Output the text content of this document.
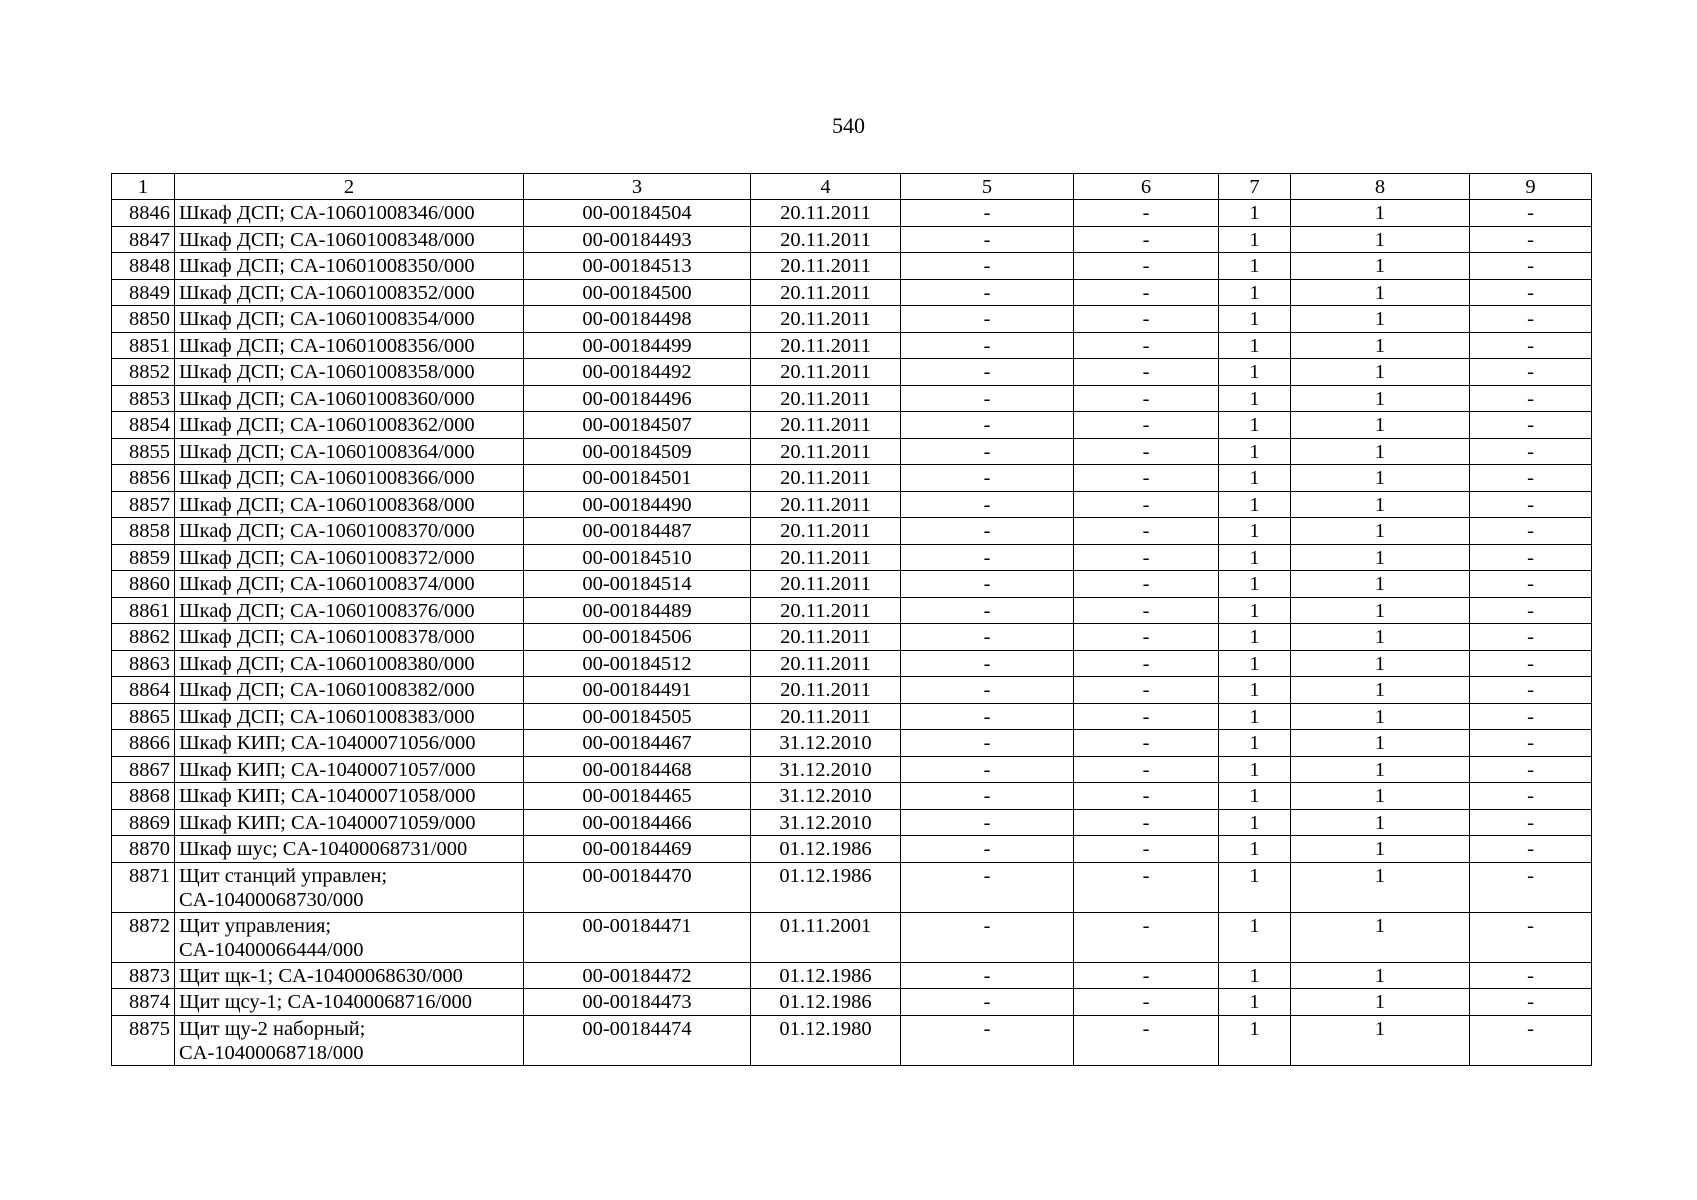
540
1	2	3	4	5	6	7	8	9
8846	Шкаф ДСП; CA-10601008346/000	00-00184504	20.11.2011	-	-	1	1	-
8847	Шкаф ДСП; CA-10601008348/000	00-00184493	20.11.2011	-	-	1	1	-
8848	Шкаф ДСП; CA-10601008350/000	00-00184513	20.11.2011	-	-	1	1	-
8849	Шкаф ДСП; CA-10601008352/000	00-00184500	20.11.2011	-	-	1	1	-
8850	Шкаф ДСП; CA-10601008354/000	00-00184498	20.11.2011	-	-	1	1	-
8851	Шкаф ДСП; CA-10601008356/000	00-00184499	20.11.2011	-	-	1	1	-
8852	Шкаф ДСП; CA-10601008358/000	00-00184492	20.11.2011	-	-	1	1	-
8853	Шкаф ДСП; CA-10601008360/000	00-00184496	20.11.2011	-	-	1	1	-
8854	Шкаф ДСП; CA-10601008362/000	00-00184507	20.11.2011	-	-	1	1	-
8855	Шкаф ДСП; CA-10601008364/000	00-00184509	20.11.2011	-	-	1	1	-
8856	Шкаф ДСП; CA-10601008366/000	00-00184501	20.11.2011	-	-	1	1	-
8857	Шкаф ДСП; CA-10601008368/000	00-00184490	20.11.2011	-	-	1	1	-
8858	Шкаф ДСП; CA-10601008370/000	00-00184487	20.11.2011	-	-	1	1	-
8859	Шкаф ДСП; CA-10601008372/000	00-00184510	20.11.2011	-	-	1	1	-
8860	Шкаф ДСП; CA-10601008374/000	00-00184514	20.11.2011	-	-	1	1	-
8861	Шкаф ДСП; CA-10601008376/000	00-00184489	20.11.2011	-	-	1	1	-
8862	Шкаф ДСП; CA-10601008378/000	00-00184506	20.11.2011	-	-	1	1	-
8863	Шкаф ДСП; CA-10601008380/000	00-00184512	20.11.2011	-	-	1	1	-
8864	Шкаф ДСП; CA-10601008382/000	00-00184491	20.11.2011	-	-	1	1	-
8865	Шкаф ДСП; CA-10601008383/000	00-00184505	20.11.2011	-	-	1	1	-
8866	Шкаф КИП; CA-10400071056/000	00-00184467	31.12.2010	-	-	1	1	-
8867	Шкаф КИП; CA-10400071057/000	00-00184468	31.12.2010	-	-	1	1	-
8868	Шкаф КИП; CA-10400071058/000	00-00184465	31.12.2010	-	-	1	1	-
8869	Шкаф КИП; CA-10400071059/000	00-00184466	31.12.2010	-	-	1	1	-
8870	Шкаф шус; CA-10400068731/000	00-00184469	01.12.1986	-	-	1	1	-
8871	Щит станций управлен;
CA-10400068730/000	00-00184470	01.12.1986	-	-	1	1	-
8872	Щит управления;
CA-10400066444/000	00-00184471	01.11.2001	-	-	1	1	-
8873	Щит щк-1; CA-10400068630/000	00-00184472	01.12.1986	-	-	1	1	-
8874	Щит щсу-1; CA-10400068716/000	00-00184473	01.12.1986	-	-	1	1	-
8875	Щит щу-2 наборный;
CA-10400068718/000	00-00184474	01.12.1980	-	-	1	1	-
